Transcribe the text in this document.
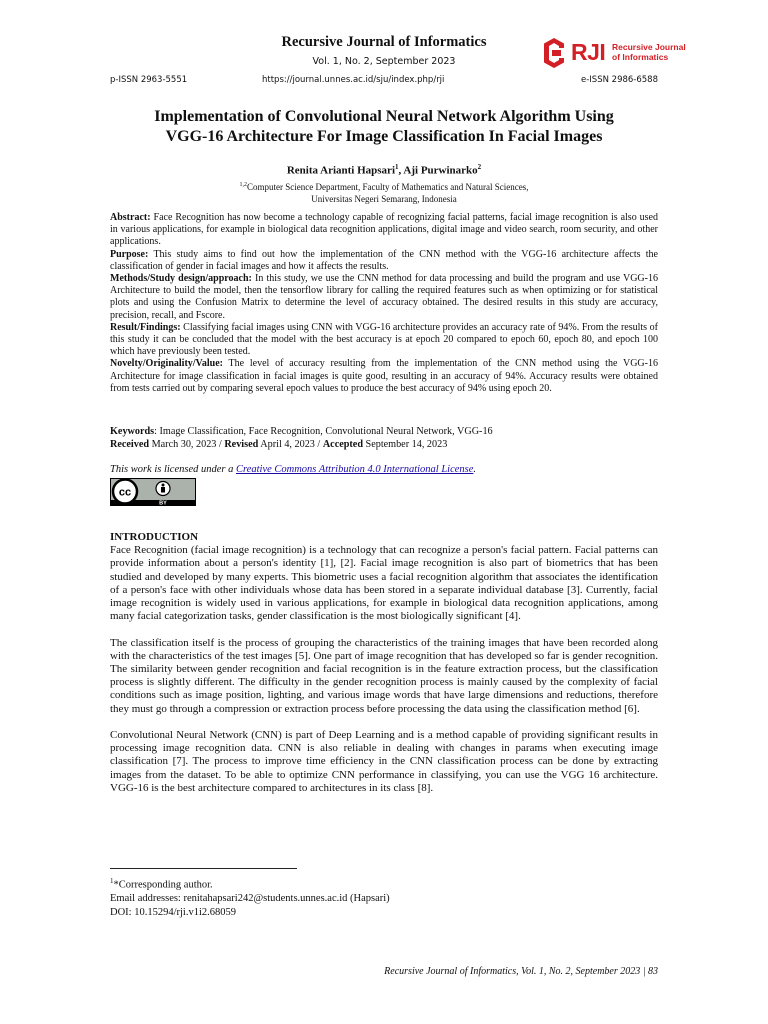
Recursive Journal of Informatics
Vol. 1, No. 2, September 2023
p-ISSN 2963-5551	https://journal.unnes.ac.id/sju/index.php/rji	e-ISSN 2986-6588
RJI Recursive Journal
of Informatics
Implementation of Convolutional Neural Network Algorithm Using
VGG-16 Architecture For Image Classification In Facial Images
Renita Arianti Hapsari$^1$, Aji Purwinarko$^2$
$^{1,2}$Computer Science Department, Faculty of Mathematics and Natural Sciences,
Universitas Negeri Semarang, Indonesia

Abstract: Face Recognition has now become a technology capable of recognizing facial patterns, facial image recognition is also used in various applications, for example in biological data recognition applications, digital image and video search, room security, and other applications.

Purpose: This study aims to find out how the implementation of the CNN method with the VGG-16 architecture affects the classification of gender in facial images and how it affects the results.

Methods/Study design/approach: In this study, we use the CNN method for data processing and build the program and use VGG-16 Architecture to build the model, then the tensorflow library for calling the required features such as when optimizing or for statistical plots and using the Confusion Matrix to determine the level of accuracy obtained. The desired results in this study are accuracy, precision, recall, and Fscore.

Result/Findings: Classifying facial images using CNN with VGG-16 architecture provides an accuracy rate of 94%. From the results of this study it can be concluded that the model with the best accuracy is at epoch 20 compared to epoch 60, epoch 80, and epoch 100 which have previously been tested.

Novelty/Originality/Value: The level of accuracy resulting from the implementation of the CNN method using the VGG-16 Architecture for image classification in facial images is quite good, resulting in an accuracy of 94%. Accuracy results were obtained from tests carried out by comparing several epoch values to produce the best accuracy of 94% using epoch 20.

Keywords: Image Classification, Face Recognition, Convolutional Neural Network, VGG-16

Received March 30, 2023 / Revised April 4, 2023 / Accepted September 14, 2023

This work is licensed under a Creative Commons Attribution 4.0 International License.
cc
BY
INTRODUCTION

Face Recognition (facial image recognition) is a technology that can recognize a person's facial pattern. Facial patterns can provide information about a person's identity [1], [2]. Facial image recognition is also part of biometrics that has been studied and developed by many experts. This biometric uses a facial recognition algorithm that associates the identification of a person's face with other individuals whose data has been stored in a separate individual database [3]. Currently, facial image recognition is widely used in various applications, for example in biological data recognition applications, among many facial categorization tasks, gender classification is the most biologically significant [4].

The classification itself is the process of grouping the characteristics of the training images that have been recorded along with the characteristics of the test images [5]. One part of image recognition that has developed so far is gender recognition. The similarity between gender recognition and facial recognition is in the feature extraction process, but the classification process is slightly different. The difficulty in the gender recognition process is mainly caused by the complexity of facial conditions such as image position, lighting, and various image words that have large dimensions and reductions, therefore they must go through a compression or extraction process before processing the data using the classification method [6].

Convolutional Neural Network (CNN) is part of Deep Learning and is a method capable of providing significant results in processing image recognition data. CNN is also reliable in dealing with changes in params when executing image classification [7]. The process to improve time efficiency in the CNN classification process can be done by extracting images from the dataset. To be able to optimize CNN performance in classifying, you can use the VGG 16 architecture. VGG-16 is the best architecture compared to architectures in its class [8].

$^1$*Corresponding author.

Email addresses: renitahapsari242@students.unnes.ac.id (Hapsari)

DOI: 10.15294/rji.v1i2.68059

Recursive Journal of Informatics, Vol. 1, No. 2, September 2023 | 83
